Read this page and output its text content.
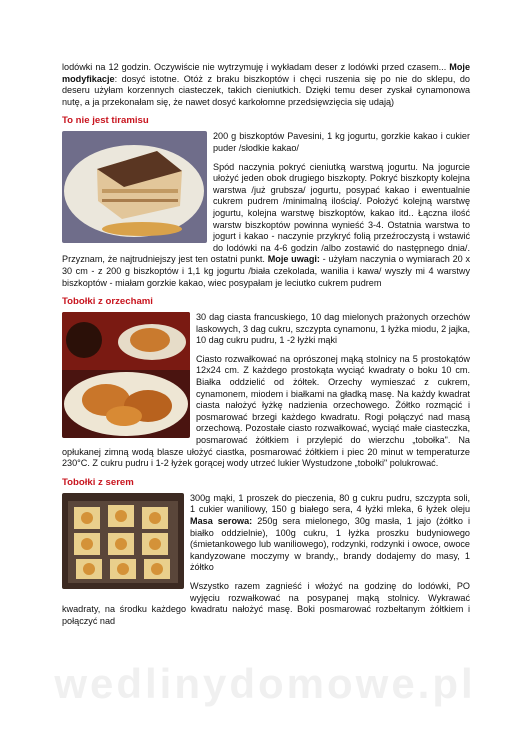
lodówki na 12 godzin. Oczywiście nie wytrzymuję i wykładam deser z lodówki przed czasem... Moje modyfikacje: dosyć istotne. Otóż z braku biszkoptów i chęci ruszenia się po nie do sklepu, do deseru użyłam korzennych ciasteczek, takich cieniutkich. Dzięki temu deser zyskał cynamonowa nutę, a ja przekonałam się, że nawet dosyć karkołomne przedsięwzięcia się udają)

To nie jest tiramisu

200 g biszkoptów Pavesini, 1 kg jogurtu, gorzkie kakao i cukier puder /słodkie kakao/

Spód naczynia pokryć cieniutką warstwą jogurtu. Na jogurcie ułożyć jeden obok drugiego biszkopty. Pokryć biszkopty kolejna warstwa /już grubsza/ jogurtu, posypać kakao i ewentualnie cukrem pudrem /minimalną ilością/. Położyć kolejną warstwę jogurtu, kolejna warstwę biszkoptów, kakao itd.. Łączna ilość warstw biszkoptów powinna wynieść 3-4. Ostatnia warstwa to jogurt i kakao - naczynie przykryć folią przeźroczystą i wstawić do lodówki na 4-6 godzin /albo zostawić do następnego dnia/. Przyznam, że najtrudniejszy jest ten ostatni punkt. Moje uwagi: - użyłam naczynia o wymiarach 20 x 30 cm - z 200 g biszkoptów i 1,1 kg jogurtu /biała czekolada, wanilia i kawa/ wyszły mi 4 warstwy biszkoptów - miałam gorzkie kakao, wiec posypałam je leciutko cukrem pudrem

Tobołki z orzechami

30 dag ciasta francuskiego, 10 dag mielonych prażonych orzechów laskowych, 3 dag cukru, szczypta cynamonu, 1 łyżka miodu, 2 jajka, 10 dag cukru pudru, 1 -2 łyżki mąki

Ciasto rozwałkować na oprószonej mąką stolnicy na 5 prostokątów 12x24 cm. Z każdego prostokąta wyciąć kwadraty o boku 10 cm. Białka oddzielić od żółtek. Orzechy wymieszać z cukrem, cynamonem, miodem i białkami na gładką masę. Na każdy kwadrat ciasta nałożyć łyżkę nadzienia orzechowego. Żółtko rozmącić i posmarować brzegi każdego kwadratu. Rogi połączyć nad masą orzechową. Pozostałe ciasto rozwałkować, wyciąć małe ciasteczka, posmarować żółtkiem i przylepić do wierzchu „tobołka". Na opłukanej zimną wodą blasze ułożyć ciastka, posmarować żółtkiem i piec 20 minut w temperaturze 230°C. Z cukru pudru i 1-2 łyżek gorącej wody utrzeć lukier Wystudzone „tobołki" polukrować.

Tobołki z serem

300g mąki, 1 proszek do pieczenia, 80 g cukru pudru, szczypta soli, 1 cukier waniliowy, 150 g białego sera, 4 łyżki mleka, 6 łyżek oleju Masa serowa: 250g sera mielonego, 30g masła, 1 jajo (żółtko i białko oddzielnie), 100g cukru, 1 łyżka proszku budyniowego (śmietankowego lub waniliowego), rodzynki, rodzynki i owoce, owoce kandyzowane moczymy w brandy,, brandy dodajemy do masy, 1 żółtko

Wszystko razem zagnieść i włożyć na godzinę do lodówki, PO wyjęciu rozwałkować na posypanej mąką stolnicy. Wykrawać kwadraty, na środku każdego kwadratu nałożyć masę. Boki posmarować rozbełtanym żółtkiem i połączyć nad

wedlinydomowe.pl
